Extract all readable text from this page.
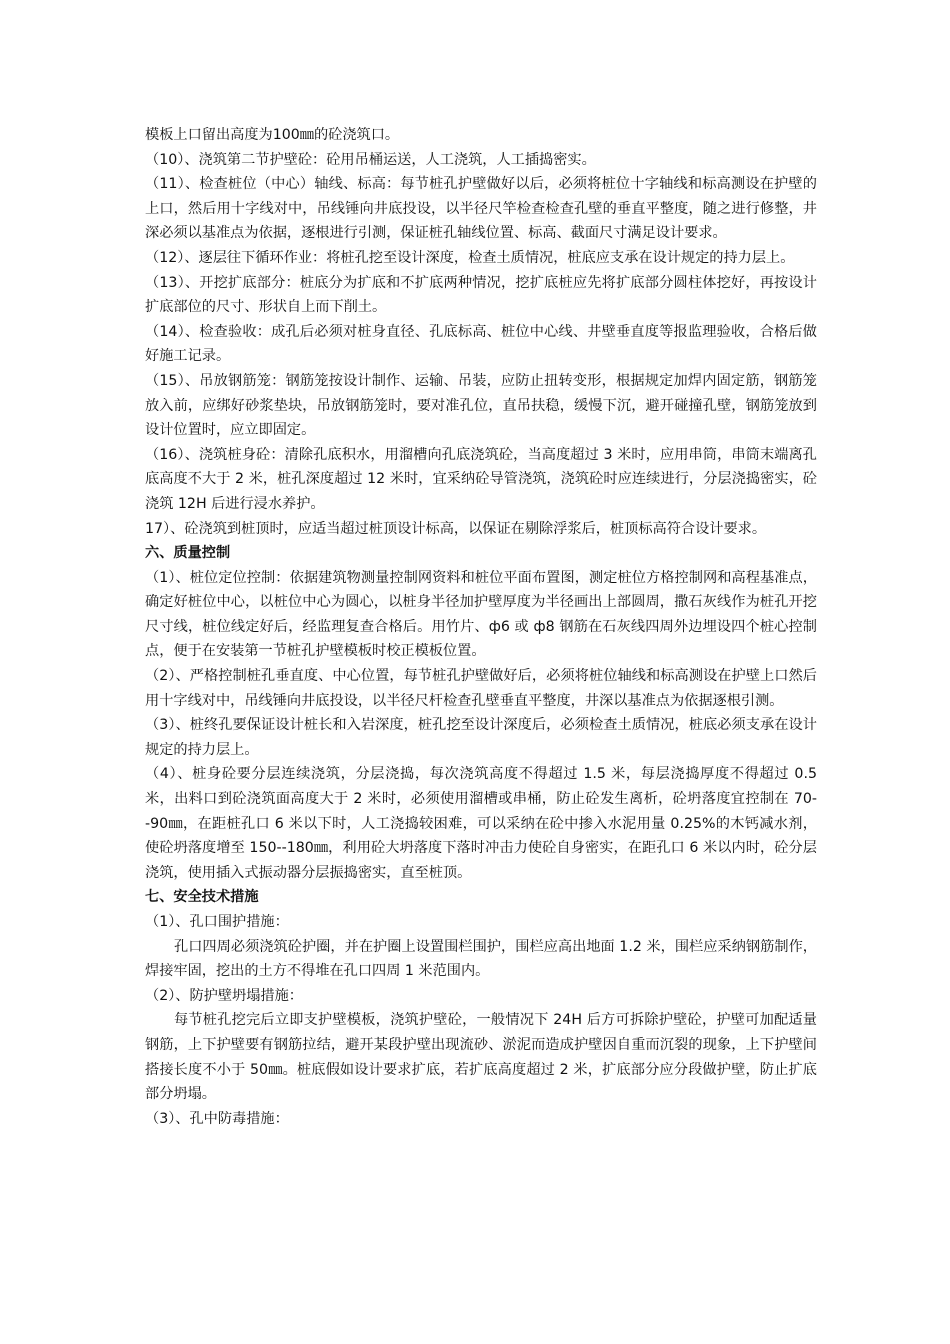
模板上口留出高度为100㎜的砼浇筑口。

（10）、浇筑第二节护壁砼：砼用吊桶运送，人工浇筑，人工插捣密实。

（11）、检查桩位（中心）轴线、标高：每节桩孔护壁做好以后，必须将桩位十字轴线和标高测设在护壁的上口，然后用十字线对中，吊线锤向井底投设，以半径尺竿检查检查孔壁的垂直平整度，随之进行修整，井深必须以基准点为依据，逐根进行引测，保证桩孔轴线位置、标高、截面尺寸满足设计要求。

（12）、逐层往下循环作业：将桩孔挖至设计深度，检查土质情况，桩底应支承在设计规定的持力层上。

（13）、开挖扩底部分：桩底分为扩底和不扩底两种情况，挖扩底桩应先将扩底部分圆柱体挖好，再按设计扩底部位的尺寸、形状自上而下削土。

（14）、检查验收：成孔后必须对桩身直径、孔底标高、桩位中心线、井壁垂直度等报监理验收，合格后做好施工记录。

（15）、吊放钢筋笼：钢筋笼按设计制作、运输、吊装，应防止扭转变形，根据规定加焊内固定筋，钢筋笼放入前，应绑好砂浆垫块，吊放钢筋笼时，要对准孔位，直吊扶稳，缓慢下沉，避开碰撞孔壁，钢筋笼放到设计位置时，应立即固定。

（16）、浇筑桩身砼：清除孔底积水，用溜槽向孔底浇筑砼，当高度超过 3 米时，应用串筒，串筒末端离孔底高度不大于 2 米，桩孔深度超过 12 米时，宜采纳砼导管浇筑，浇筑砼时应连续进行，分层浇捣密实，砼浇筑 12H 后进行浸水养护。

17）、砼浇筑到桩顶时，应适当超过桩顶设计标高，以保证在剔除浮浆后，桩顶标高符合设计要求。

六、质量控制

（1）、桩位定位控制：依据建筑物测量控制网资料和桩位平面布置图，测定桩位方格控制网和高程基准点，确定好桩位中心，以桩位中心为圆心，以桩身半径加护壁厚度为半径画出上部圆周，撒石灰线作为桩孔开挖尺寸线，桩位线定好后，经监理复查合格后。用竹片、ф6 或 ф8 钢筋在石灰线四周外边埋设四个桩心控制点，便于在安装第一节桩孔护壁模板时校正模板位置。

（2）、严格控制桩孔垂直度、中心位置，每节桩孔护壁做好后，必须将桩位轴线和标高测设在护壁上口然后用十字线对中，吊线锤向井底投设，以半径尺杆检查孔壁垂直平整度，井深以基准点为依据逐根引测。

（3）、桩终孔要保证设计桩长和入岩深度，桩孔挖至设计深度后，必须检查土质情况，桩底必须支承在设计规定的持力层上。

（4）、桩身砼要分层连续浇筑，分层浇捣，每次浇筑高度不得超过 1.5 米，每层浇捣厚度不得超过 0.5 米，出料口到砼浇筑面高度大于 2 米时，必须使用溜槽或串桶，防止砼发生离析，砼坍落度宜控制在 70--90㎜，在距桩孔口 6 米以下时，人工浇捣较困难，可以采纳在砼中掺入水泥用量 0.25%的木钙减水剂，使砼坍落度增至 150--180㎜，利用砼大坍落度下落时冲击力使砼自身密实，在距孔口 6 米以内时，砼分层浇筑，使用插入式振动器分层振捣密实，直至桩顶。

七、安全技术措施

（1）、孔口围护措施：

孔口四周必须浇筑砼护圈，并在护圈上设置围栏围护，围栏应高出地面 1.2 米，围栏应采纳钢筋制作，焊接牢固，挖出的土方不得堆在孔口四周 1 米范围内。

（2）、防护壁坍塌措施：

每节桩孔挖完后立即支护壁模板，浇筑护壁砼，一般情况下 24H 后方可拆除护壁砼，护壁可加配适量钢筋，上下护壁要有钢筋拉结，避开某段护壁出现流砂、淤泥而造成护壁因自重而沉裂的现象，上下护壁间搭接长度不小于 50㎜。桩底假如设计要求扩底，若扩底高度超过 2 米，扩底部分应分段做护壁，防止扩底部分坍塌。

（3）、孔中防毒措施：
